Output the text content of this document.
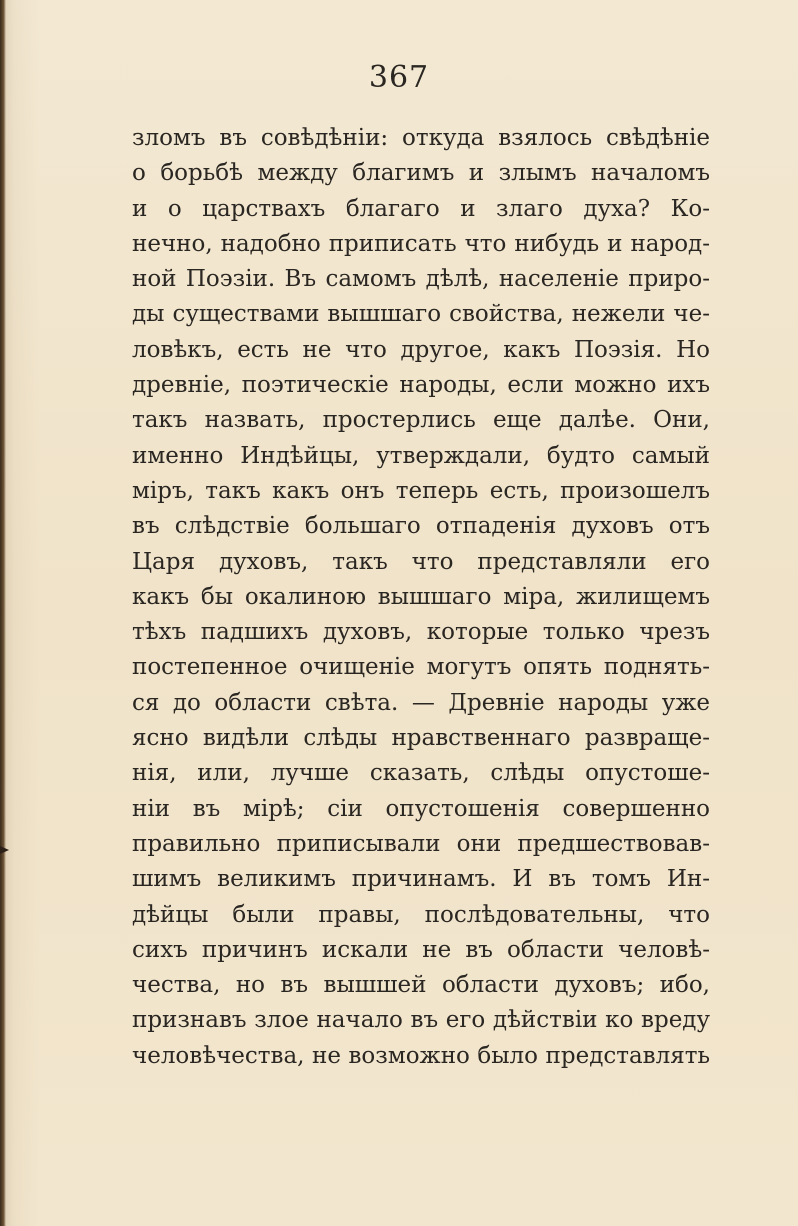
367
зломъ въ совѣдѣніи: откуда взялось свѣдѣніе
о борьбѣ между благимъ и злымъ началомъ
и о царствахъ благаго и злаго духа? Ко-
нечно, надобно приписать что нибудь и народ-
ной Поэзіи. Въ самомъ дѣлѣ, населеніе приро-
ды существами вышшаго свойства, нежели че-
ловѣкъ, есть не что другое, какъ Поэзія. Но
древніе, поэтическіе народы, если можно ихъ
такъ назвать, простерлись еще далѣе. Они,
именно Индѣйцы, утверждали, будто самый
міръ, такъ какъ онъ теперь есть, произошелъ
въ слѣдствіе большаго отпаденія духовъ отъ
Царя духовъ, такъ что представляли его
какъ бы окалиною вышшаго міра, жилищемъ
тѣхъ падшихъ духовъ, которые только чрезъ
постепенное очищеніе могутъ опять поднять-
ся до области свѣта. — Древніе народы уже
ясно видѣли слѣды нравственнаго развраще-
нія, или, лучше сказать, слѣды опустоше-
ніи въ мірѣ; сіи опустошенія совершенно
правильно приписывали они предшествовав-
шимъ великимъ причинамъ. И въ томъ Ин-
дѣйцы были правы, послѣдовательны, что
сихъ причинъ искали не въ области человѣ-
чества, но въ вышшей области духовъ; ибо,
признавъ злое начало въ его дѣйствіи ко вреду
человѣчества, не возможно было представлять
